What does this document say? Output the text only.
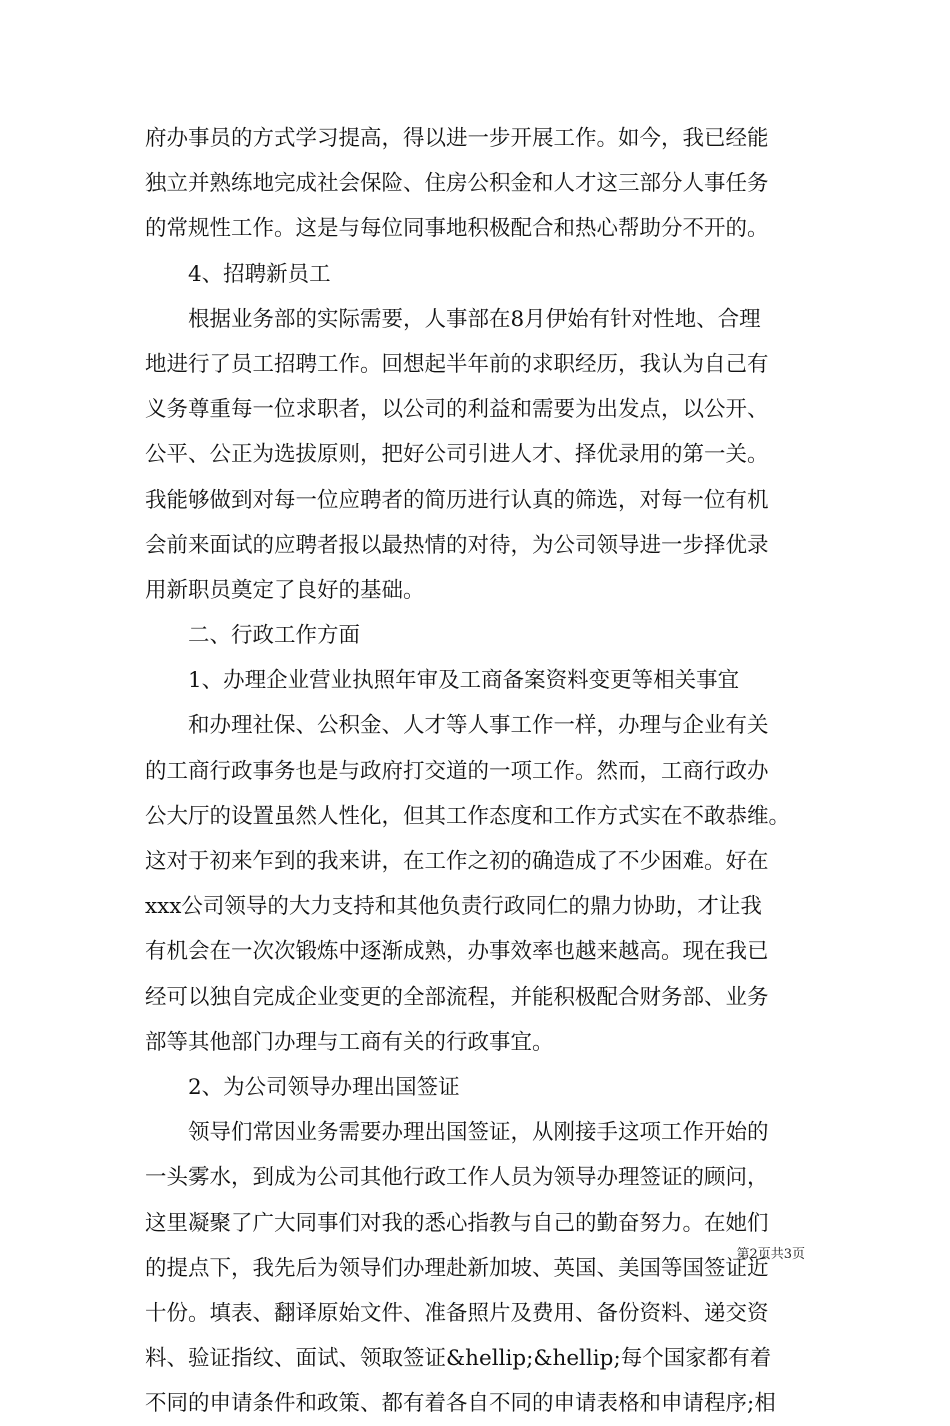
府办事员的方式学习提高，得以进一步开展工作。如今，我已经能
独立并熟练地完成社会保险、住房公积金和人才这三部分人事任务
的常规性工作。这是与每位同事地积极配合和热心帮助分不开的。
4、招聘新员工
根据业务部的实际需要，人事部在8月伊始有针对性地、合理
地进行了员工招聘工作。回想起半年前的求职经历，我认为自己有
义务尊重每一位求职者，以公司的利益和需要为出发点，以公开、
公平、公正为选拔原则，把好公司引进人才、择优录用的第一关。
我能够做到对每一位应聘者的简历进行认真的筛选，对每一位有机
会前来面试的应聘者报以最热情的对待，为公司领导进一步择优录
用新职员奠定了良好的基础。
二、行政工作方面
1、办理企业营业执照年审及工商备案资料变更等相关事宜
和办理社保、公积金、人才等人事工作一样，办理与企业有关
的工商行政事务也是与政府打交道的一项工作。然而，工商行政办
公大厅的设置虽然人性化，但其工作态度和工作方式实在不敢恭维。
这对于初来乍到的我来讲，在工作之初的确造成了不少困难。好在
xxx公司领导的大力支持和其他负责行政同仁的鼎力协助，才让我
有机会在一次次锻炼中逐渐成熟，办事效率也越来越高。现在我已
经可以独自完成企业变更的全部流程，并能积极配合财务部、业务
部等其他部门办理与工商有关的行政事宜。
2、为公司领导办理出国签证
领导们常因业务需要办理出国签证，从刚接手这项工作开始的
一头雾水，到成为公司其他行政工作人员为领导办理签证的顾问，
这里凝聚了广大同事们对我的悉心指教与自己的勤奋努力。在她们
的提点下，我先后为领导们办理赴新加坡、英国、美国等国签证近
十份。填表、翻译原始文件、准备照片及费用、备份资料、递交资
料、验证指纹、面试、领取签证&hellip;&hellip;每个国家都有着
不同的申请条件和政策、都有着各自不同的申请表格和申请程序;相
第2页共3页
